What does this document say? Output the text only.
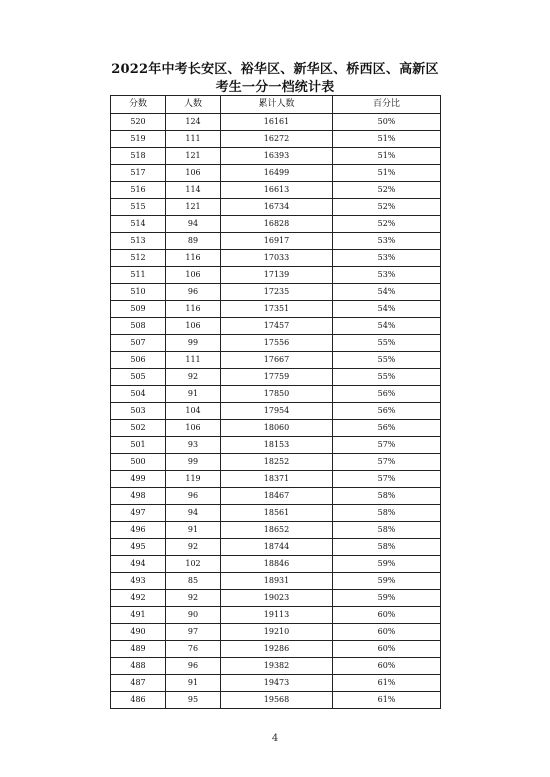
2022年中考长安区、裕华区、新华区、桥西区、高新区
考生一分一档统计表
分数	人数	累计人数	百分比
520	124	16161	50%
519	111	16272	51%
518	121	16393	51%
517	106	16499	51%
516	114	16613	52%
515	121	16734	52%
514	94	16828	52%
513	89	16917	53%
512	116	17033	53%
511	106	17139	53%
510	96	17235	54%
509	116	17351	54%
508	106	17457	54%
507	99	17556	55%
506	111	17667	55%
505	92	17759	55%
504	91	17850	56%
503	104	17954	56%
502	106	18060	56%
501	93	18153	57%
500	99	18252	57%
499	119	18371	57%
498	96	18467	58%
497	94	18561	58%
496	91	18652	58%
495	92	18744	58%
494	102	18846	59%
493	85	18931	59%
492	92	19023	59%
491	90	19113	60%
490	97	19210	60%
489	76	19286	60%
488	96	19382	60%
487	91	19473	61%
486	95	19568	61%
4
